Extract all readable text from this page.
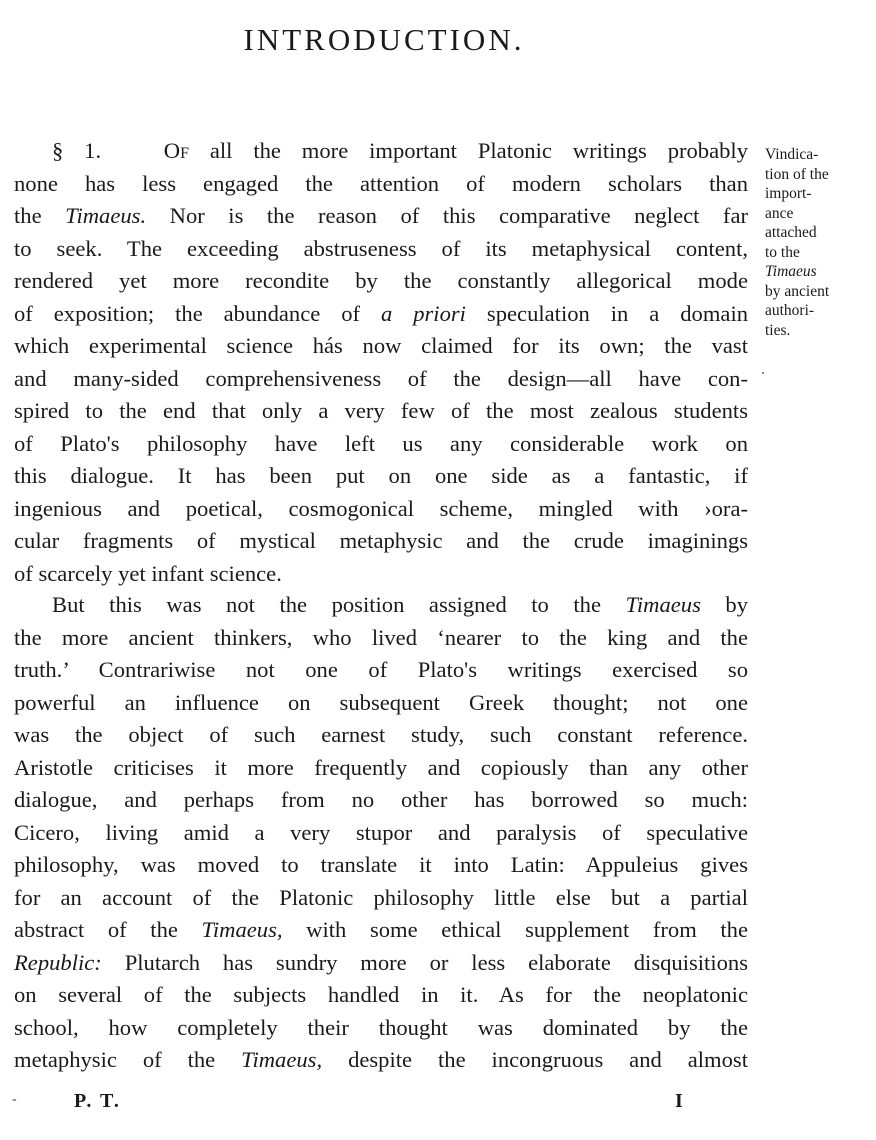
INTRODUCTION.
§ 1.	Of all the more important Platonic writings probably
none has less engaged the attention of modern scholars than
the Timaeus. Nor is the reason of this comparative neglect far
to seek. The exceeding abstruseness of its metaphysical content,
rendered yet more recondite by the constantly allegorical mode
of exposition; the abundance of a priori speculation in a domain
which experimental science hás now claimed for its own; the vast
and many-sided comprehensiveness of the design—all have con-
spired to the end that only a very few of the most zealous students
of Plato's philosophy have left us any considerable work on
this dialogue. It has been put on one side as a fantastic, if
ingenious and poetical, cosmogonical scheme, mingled with ›ora-
cular fragments of mystical metaphysic and the crude imaginings
of scarcely yet infant science.
But this was not the position assigned to the Timaeus by
the more ancient thinkers, who lived ‘nearer to the king and the
truth.’ Contrariwise not one of Plato's writings exercised so
powerful an influence on subsequent Greek thought; not one
was the object of such earnest study, such constant reference.
Aristotle criticises it more frequently and copiously than any other
dialogue, and perhaps from no other has borrowed so much:
Cicero, living amid a very stupor and paralysis of speculative
philosophy, was moved to translate it into Latin: Appuleius gives
for an account of the Platonic philosophy little else but a partial
abstract of the Timaeus, with some ethical supplement from the
Republic: Plutarch has sundry more or less elaborate disquisitions
on several of the subjects handled in it. As for the neoplatonic
school, how completely their thought was dominated by the
metaphysic of the Timaeus, despite the incongruous and almost
Vindica-
tion of the
import-
ance
attached
to the
Timaeus
by ancient
authori-
ties.
-	P. T.	I
